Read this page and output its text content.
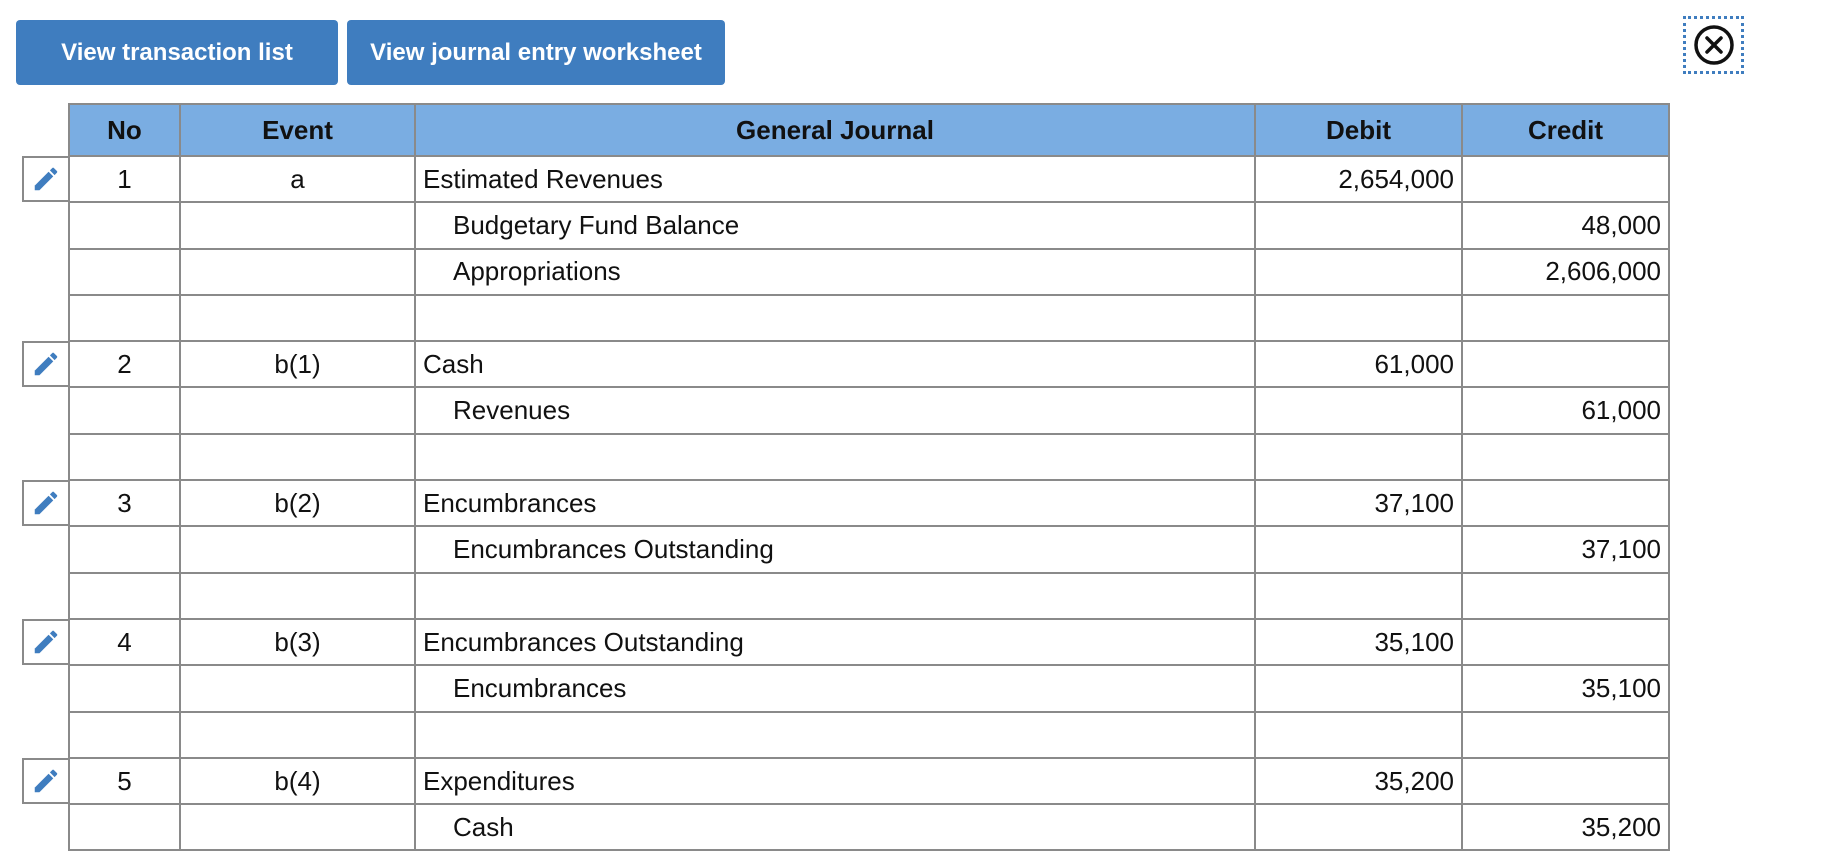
View transaction list	View journal entry worksheet
No	Event	General Journal	Debit	Credit
1	a	Estimated Revenues	2,654,000	
		Budgetary Fund Balance		48,000
		Appropriations		2,606,000

2	b(1)	Cash	61,000	
		Revenues		61,000

3	b(2)	Encumbrances	37,100	
		Encumbrances Outstanding		37,100

4	b(3)	Encumbrances Outstanding	35,100	
		Encumbrances		35,100

5	b(4)	Expenditures	35,200	
		Cash		35,200
